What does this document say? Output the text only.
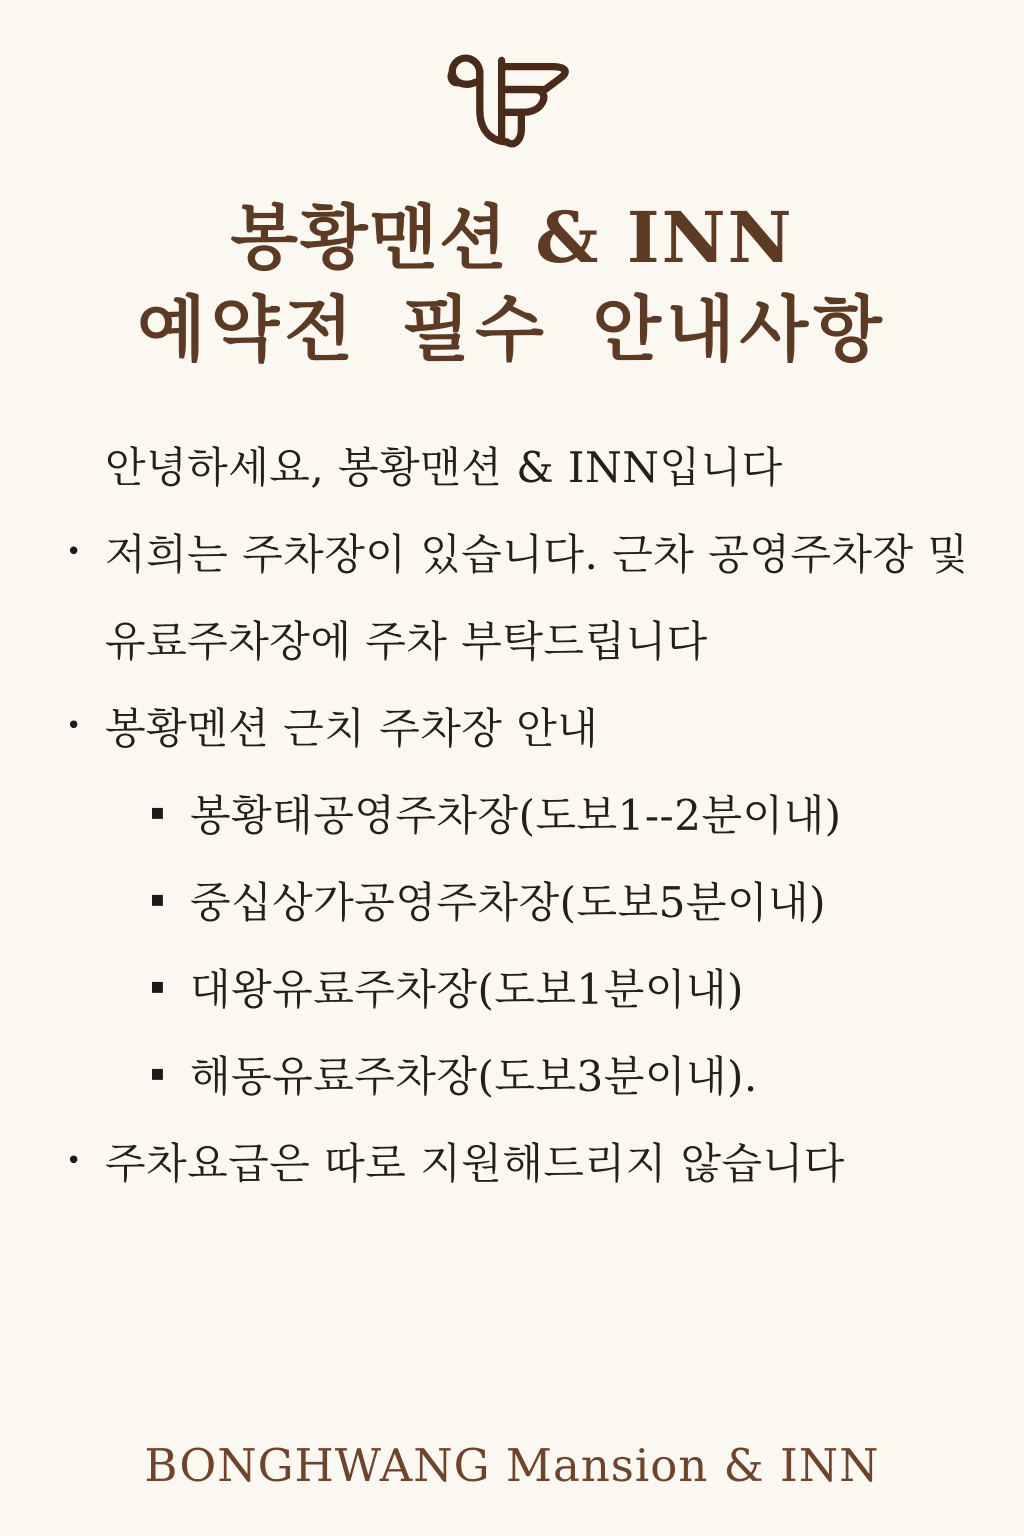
봉황맨션 & INN
예약전 필수 안내사항
안녕하세요, 봉황맨션 & INN입니다
• 저희는 주차장이 있습니다. 근차 공영주차장 및
유료주차장에 주차 부탁드립니다
• 봉황멘션 근치 주차장 안내
▪ 봉황태공영주차장(도보1--2분이내)
▪ 중십상가공영주차장(도보5분이내)
▪ 대왕유료주차장(도보1분이내)
▪ 해동유료주차장(도보3분이내).
• 주차요급은 따로 지원해드리지 않습니다
BONGHWANG Mansion & INN
